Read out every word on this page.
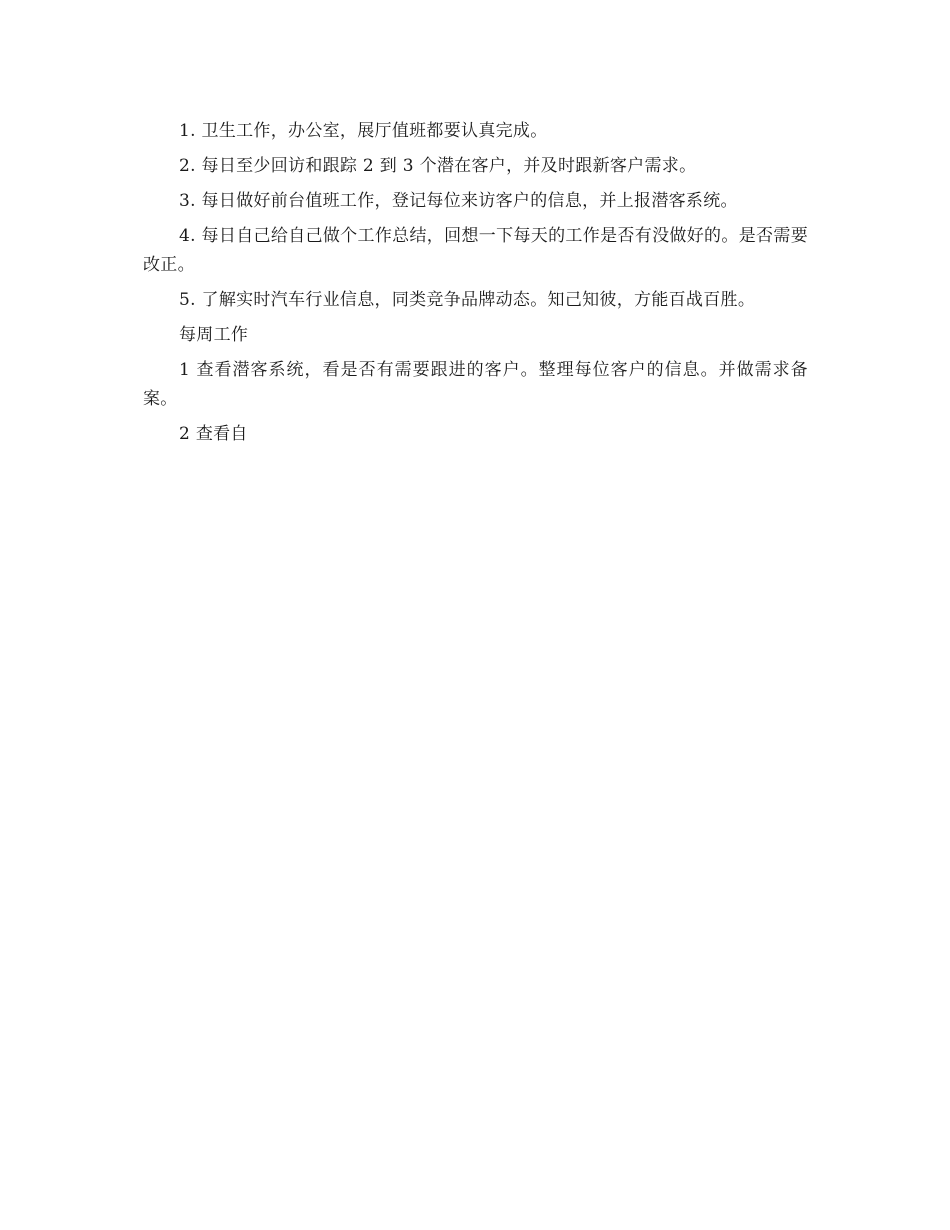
1. 卫生工作，办公室，展厅值班都要认真完成。

2. 每日至少回访和跟踪 2 到 3 个潜在客户，并及时跟新客户需求。

3. 每日做好前台值班工作，登记每位来访客户的信息，并上报潜客系统。

4. 每日自己给自己做个工作总结，回想一下每天的工作是否有没做好的。是否需要改正。

5. 了解实时汽车行业信息，同类竞争品牌动态。知己知彼，方能百战百胜。

每周工作

1 查看潜客系统，看是否有需要跟进的客户。整理每位客户的信息。并做需求备案。

2 查看自
